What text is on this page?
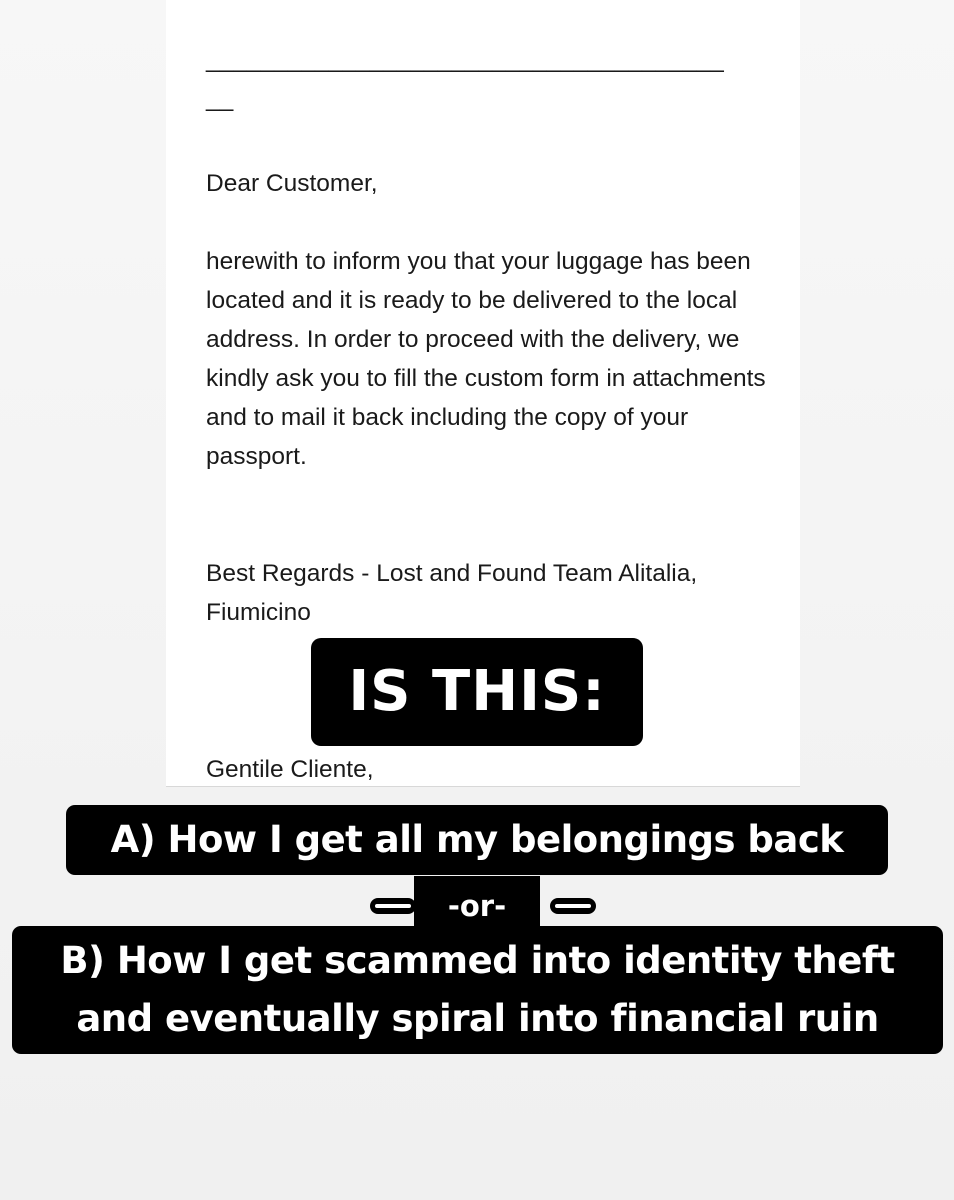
______________________________________

__

Dear Customer,

herewith to inform you that your luggage has been located and it is ready to be delivered to the local address. In order to proceed with the delivery, we kindly ask you to fill the custom form in attachments and to mail it back including the copy of your passport.

Best Regards - Lost and Found Team Alitalia,

Fiumicino

Gentile Cliente,

IS THIS:
A) How I get all my belongings back
-or-
B) How I get scammed into identity theft
and eventually spiral into financial ruin
